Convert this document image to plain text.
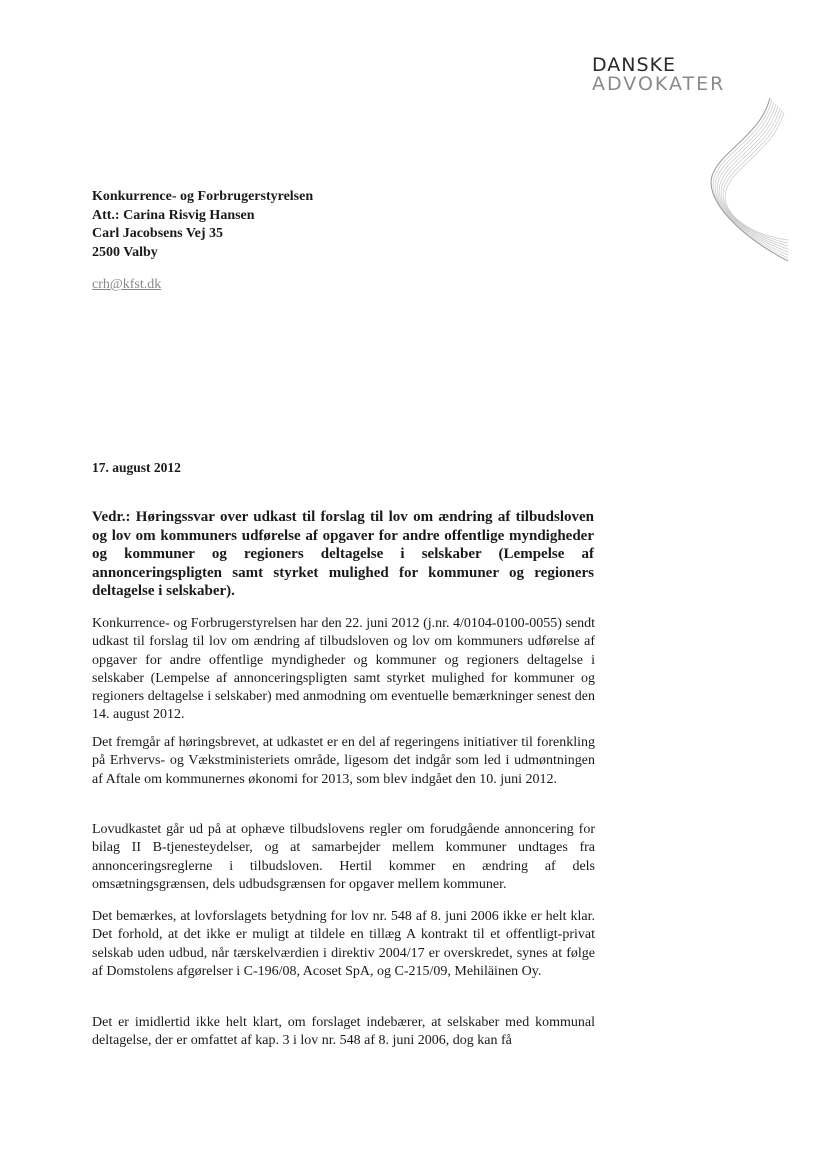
DANSKE
ADVOKATER
Konkurrence- og Forbrugerstyrelsen
Att.: Carina Risvig Hansen
Carl Jacobsens Vej 35
2500 Valby
crh@kfst.dk
17. august 2012
Vedr.: Høringssvar over udkast til forslag til lov om ændring af tilbudsloven og lov om kommuners udførelse af opgaver for andre offentlige myndigheder og kommuner og regioners deltagelse i selskaber (Lempelse af annonceringspligten samt styrket mulighed for kommuner og regioners deltagelse i selskaber).
Konkurrence- og Forbrugerstyrelsen har den 22. juni 2012 (j.nr. 4/0104-0100-0055) sendt udkast til forslag til lov om ændring af tilbudsloven og lov om kommuners udførelse af opgaver for andre offentlige myndigheder og kommuner og regioners deltagelse i selskaber (Lempelse af annonceringspligten samt styrket mulighed for kommuner og regioners deltagelse i selskaber) med anmodning om eventuelle bemærkninger senest den 14. august 2012.
Det fremgår af høringsbrevet, at udkastet er en del af regeringens initiativer til forenkling på Erhvervs- og Vækstministeriets område, ligesom det indgår som led i udmøntningen af Aftale om kommunernes økonomi for 2013, som blev indgået den 10. juni 2012.
Lovudkastet går ud på at ophæve tilbudslovens regler om forudgående annoncering for bilag II B-tjenesteydelser, og at samarbejder mellem kommuner undtages fra annonceringsreglerne i tilbudsloven. Hertil kommer en ændring af dels omsætningsgrænsen, dels udbudsgrænsen for opgaver mellem kommuner.
Det bemærkes, at lovforslagets betydning for lov nr. 548 af 8. juni 2006 ikke er helt klar. Det forhold, at det ikke er muligt at tildele en tillæg A kontrakt til et offentligt-privat selskab uden udbud, når tærskelværdien i direktiv 2004/17 er overskredet, synes at følge af Domstolens afgørelser i C-196/08, Acoset SpA, og C-215/09, Mehiläinen Oy.
Det er imidlertid ikke helt klart, om forslaget indebærer, at selskaber med kommunal deltagelse, der er omfattet af kap. 3 i lov nr. 548 af 8. juni 2006, dog kan få
